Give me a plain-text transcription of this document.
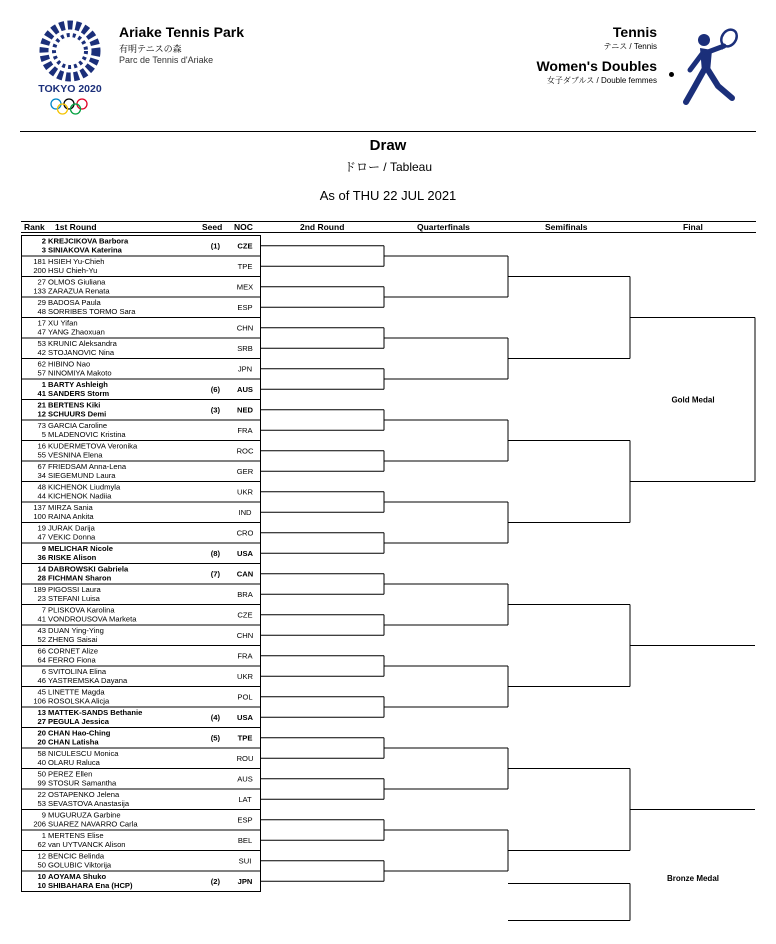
TOKYO 2020
Ariake Tennis Park
有明テニスの森
Parc de Tennis d'Ariake
Tennis
テニス / Tennis
Women's Doubles
女子ダブルス / Double femmes
Draw
ドロー / Tableau
As of THU 22 JUL 2021
Rank 1st Round	Seed NOC	2nd Round	Quarterfinals	Semifinals	Final
2 KREJCIKOVA Barbora
3 SINIAKOVA Katerina	(1) CZE
181 HSIEH Yu-Chieh
200 HSU Chieh-Yu	TPE
27 OLMOS Giuliana
133 ZARAZUA Renata	MEX
29 BADOSA Paula
48 SORRIBES TORMO Sara	ESP
17 XU Yifan
47 YANG Zhaoxuan	CHN
53 KRUNIC Aleksandra
42 STOJANOVIC Nina	SRB
62 HIBINO Nao
57 NINOMIYA Makoto	JPN
1 BARTY Ashleigh
41 SANDERS Storm	(6) AUS
21 BERTENS Kiki
12 SCHUURS Demi	(3) NED
73 GARCIA Caroline
5 MLADENOVIC Kristina	FRA
16 KUDERMETOVA Veronika
55 VESNINA Elena	ROC
67 FRIEDSAM Anna-Lena
34 SIEGEMUND Laura	GER
48 KICHENOK Liudmyla
44 KICHENOK Nadiia	UKR
137 MIRZA Sania
100 RAINA Ankita	IND
19 JURAK Darija
47 VEKIC Donna	CRO
9 MELICHAR Nicole
36 RISKE Alison	(8) USA
14 DABROWSKI Gabriela
28 FICHMAN Sharon	(7) CAN
189 PIGOSSI Laura
23 STEFANI Luisa	BRA
7 PLISKOVA Karolina
41 VONDROUSOVA Marketa	CZE
43 DUAN Ying-Ying
52 ZHENG Saisai	CHN
66 CORNET Alize
64 FERRO Fiona	FRA
6 SVITOLINA Elina
46 YASTREMSKA Dayana	UKR
45 LINETTE Magda
106 ROSOLSKA Alicja	POL
13 MATTEK-SANDS Bethanie
27 PEGULA Jessica	(4) USA
20 CHAN Hao-Ching
20 CHAN Latisha	(5) TPE
58 NICULESCU Monica
40 OLARU Raluca	ROU
50 PEREZ Ellen
99 STOSUR Samantha	AUS
22 OSTAPENKO Jelena
53 SEVASTOVA Anastasija	LAT
9 MUGURUZA Garbine
206 SUAREZ NAVARRO Carla	ESP
1 MERTENS Elise
62 van UYTVANCK Alison	BEL
12 BENCIC Belinda
50 GOLUBIC Viktorija	SUI
10 AOYAMA Shuko
10 SHIBAHARA Ena (HCP)	(2) JPN
Gold Medal
Bronze Medal
